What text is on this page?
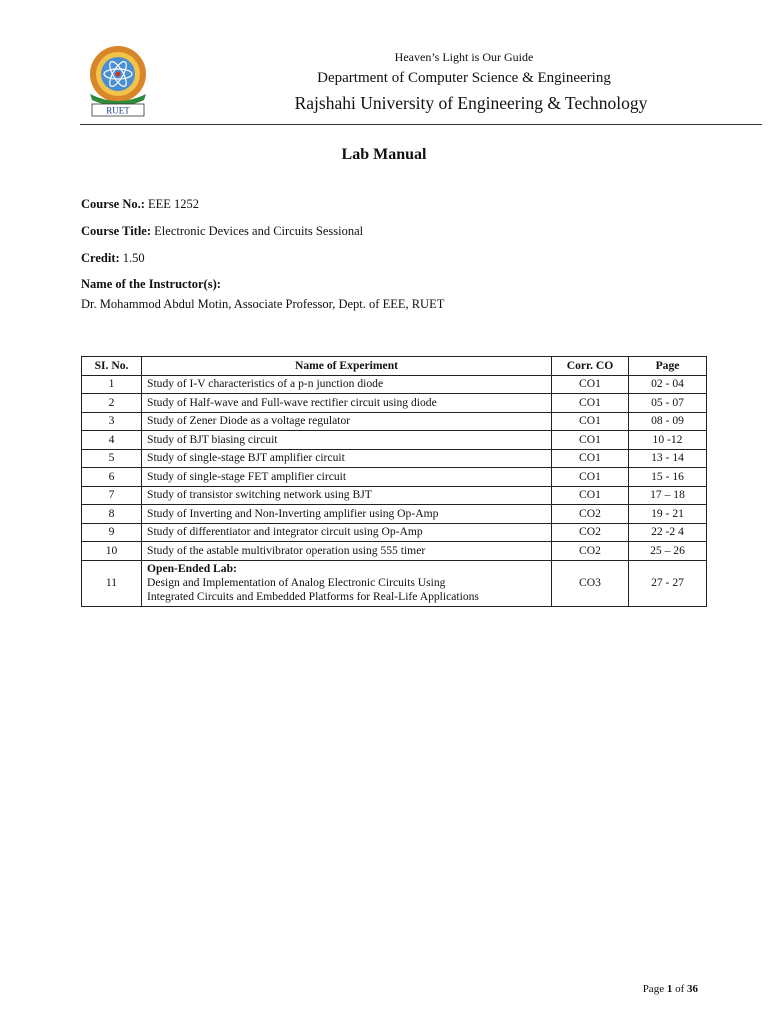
RUET
Heaven’s Light is Our Guide
Department of Computer Science & Engineering
Rajshahi University of Engineering & Technology
Lab Manual
Course No.: EEE 1252
Course Title: Electronic Devices and Circuits Sessional
Credit: 1.50
Name of the Instructor(s):
Dr. Mohammod Abdul Motin, Associate Professor, Dept. of EEE, RUET
SI. No.	Name of Experiment	Corr. CO	Page
1	Study of I-V characteristics of a p-n junction diode	CO1	02 - 04
2	Study of Half-wave and Full-wave rectifier circuit using diode	CO1	05 - 07
3	Study of Zener Diode as a voltage regulator	CO1	08 - 09
4	Study of BJT biasing circuit	CO1	10 -12
5	Study of single-stage BJT amplifier circuit	CO1	13 - 14
6	Study of single-stage FET amplifier circuit	CO1	15 - 16
7	Study of transistor switching network using BJT	CO1	17 – 18
8	Study of Inverting and Non-Inverting amplifier using Op-Amp	CO2	19 - 21
9	Study of differentiator and integrator circuit using Op-Amp	CO2	22 -2 4
10	Study of the astable multivibrator operation using 555 timer	CO2	25 – 26
11	Open-Ended Lab:
Design and Implementation of Analog Electronic Circuits Using
Integrated Circuits and Embedded Platforms for Real-Life Applications	CO3	27 - 27
Page 1 of 36
